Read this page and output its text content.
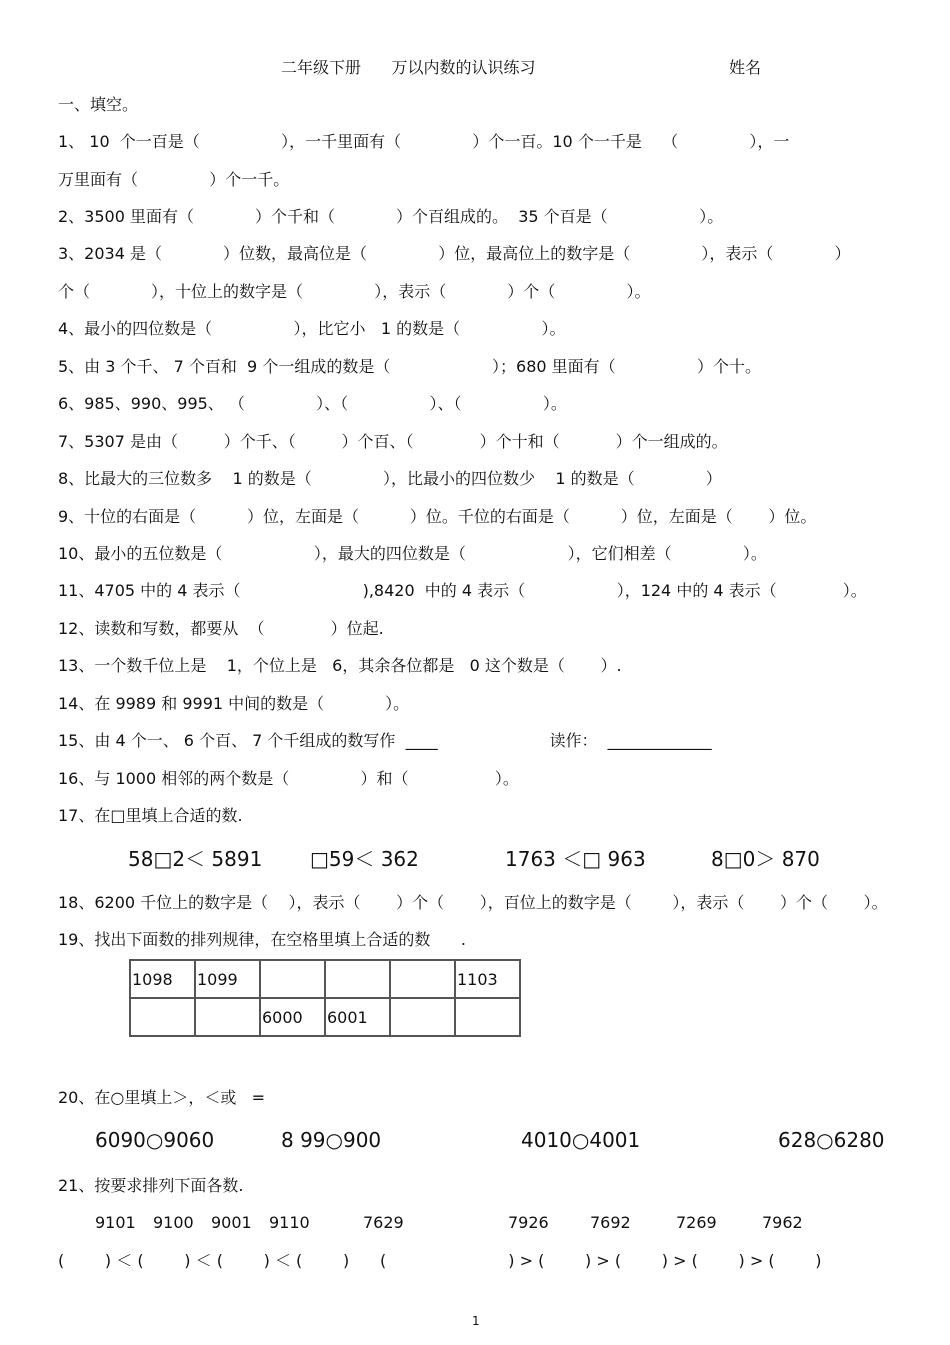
二年级下册      万以内数的认识练习	姓名
一、填空。
1、 10  个一百是（                ），一千里面有（              ）个一百。10 个一千是    （              ），一
万里面有（              ）个一千。
2、3500 里面有（            ）个千和（            ）个百组成的。  35 个百是（                  ）。
3、2034 是（            ）位数，最高位是（              ）位，最高位上的数字是（              ），表示（            ）
个（            ），十位上的数字是（              ），表示（            ）个（              ）。
4、最小的四位数是（                ），比它小   1 的数是（                ）。
5、由 3 个千、 7 个百和  9 个一组成的数是（                    ）；680 里面有（                ）个十。
6、985、990、995、 （              ）、（                ）、（                ）。
7、5307 是由（         ）个千、（         ）个百、（             ）个十和（           ）个一组成的。
8、比最大的三位数多    1 的数是（              ），比最小的四位数少    1 的数是（              ）
9、十位的右面是（          ）位，左面是（          ）位。千位的右面是（          ）位，左面是（       ）位。
10、最小的五位数是（                  ），最大的四位数是（                    ），它们相差（              ）。
11、4705 中的 4 表示（                        ),8420  中的 4 表示（                  ），124 中的 4 表示（             ）。
12、读数和写数，都要从  （             ）位起.
13、一个数千位上是    1，个位上是   6，其余各位都是   0 这个数是（       ）.
14、在 9989 和 9991 中间的数是（            ）。
15、由 4 个一、 6 个百、 7 个千组成的数写作  ____                      读作：  _____________
16、与 1000 相邻的两个数是（              ）和（                 ）。
17、在□里填上合适的数.
58□2＜ 5891 □59＜ 362	1763 ＜□ 963	8□0＞ 870
18、6200 千位上的数字是（    ），表示（       ）个（       ），百位上的数字是（        ），表示（       ）个（       ）。
19、找出下面数的排列规律，在空格里填上合适的数      .
1098	1099				1103
		6000	6001		
20、在○里填上＞，＜或   =
6090○9060	8 99○900	4010○4001	628○6280
21、按要求排列下面各数.
9101 9100 9001 9110	7629	7926	7692	7269	7962
(        ) ＜ (        ) ＜ (        ) ＜ (        ) (                        ) > (        ) > (        ) > (        ) > (        )
1
